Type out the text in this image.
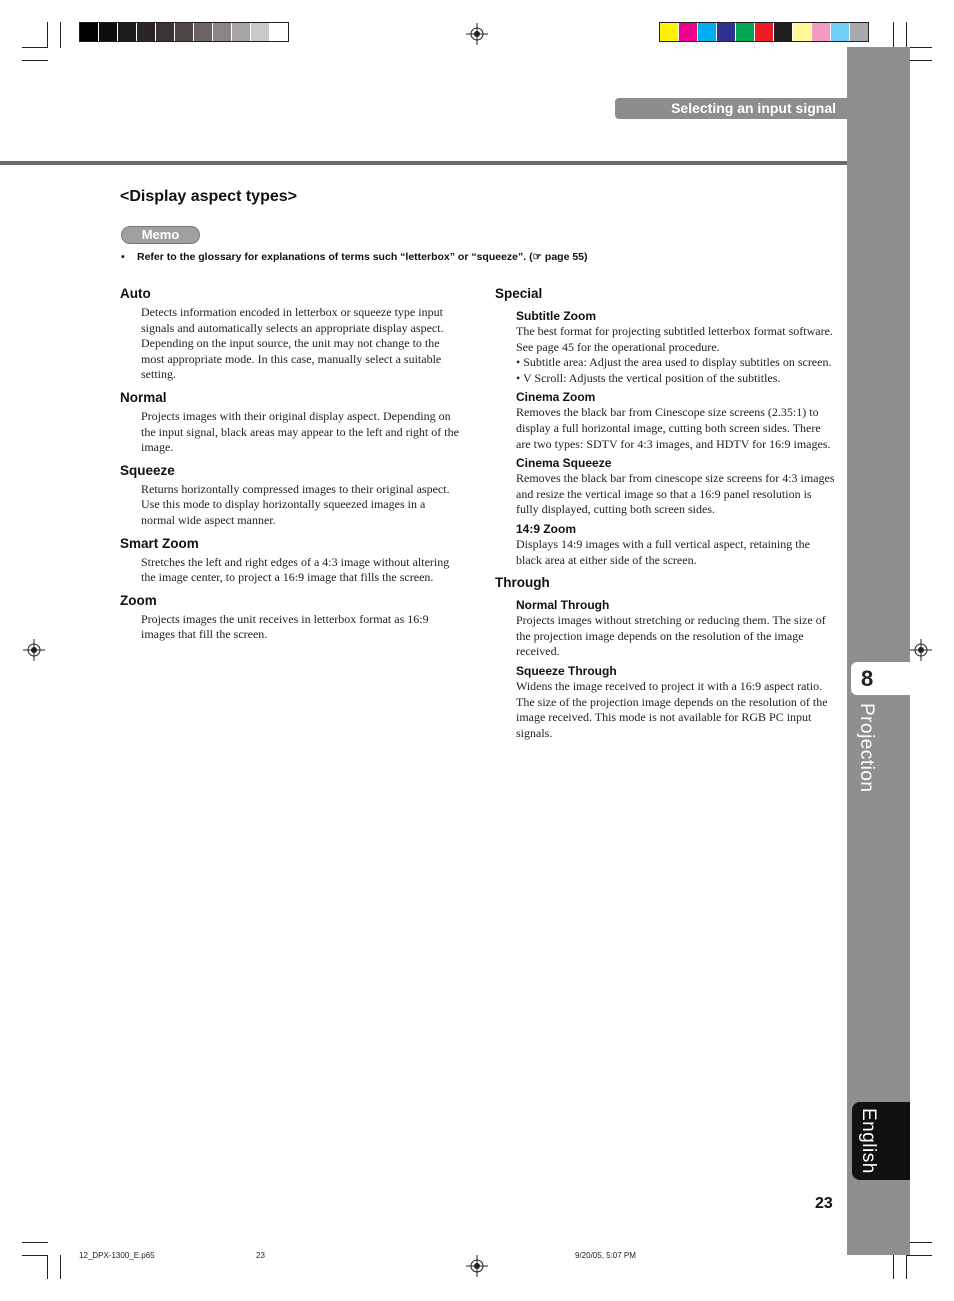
8
Projection
English
Selecting an input signal
<Display aspect types>
Memo
• Refer to the glossary for explanations of terms such “letterbox” or “squeeze”. (☞ page 55)

Auto

Detects information encoded in letterbox or squeeze type input signals and automatically selects an appropriate display aspect. Depending on the input source, the unit may not change to the most appropriate mode. In this case, manually select a suitable setting.

Normal

Projects images with their original display aspect. Depending on the input signal, black areas may appear to the left and right of the image.

Squeeze

Returns horizontally compressed images to their original aspect. Use this mode to display horizontally squeezed images in a normal wide aspect manner.

Smart Zoom

Stretches the left and right edges of a 4:3 image without altering the image center, to project a 16:9 image that fills the screen.

Zoom

Projects images the unit receives in letterbox format as 16:9 images that fill the screen.

Special

Subtitle Zoom

The best format for projecting subtitled letterbox format software. See page 45 for the operational procedure.

• Subtitle area: Adjust the area used to display subtitles on screen.
• V Scroll: Adjusts the vertical position of the subtitles.

Cinema Zoom

Removes the black bar from Cinescope size screens (2.35:1) to display a full horizontal image, cutting both screen sides. There are two types: SDTV for 4:3 images, and HDTV for 16:9 images.

Cinema Squeeze

Removes the black bar from cinescope size screens for 4:3 images and resize the vertical image so that a 16:9 panel resolution is fully displayed, cutting both screen sides.

14:9 Zoom

Displays 14:9 images with a full vertical aspect, retaining the black area at either side of the screen.

Through

Normal Through

Projects images without stretching or reducing them. The size of the projection image depends on the resolution of the image received.

Squeeze Through

Widens the image received to project it with a 16:9 aspect ratio. The size of the projection image depends on the resolution of the image received. This mode is not available for RGB PC input signals.

23
12_DPX-1300_E.p65	23	9/20/05, 5:07 PM
